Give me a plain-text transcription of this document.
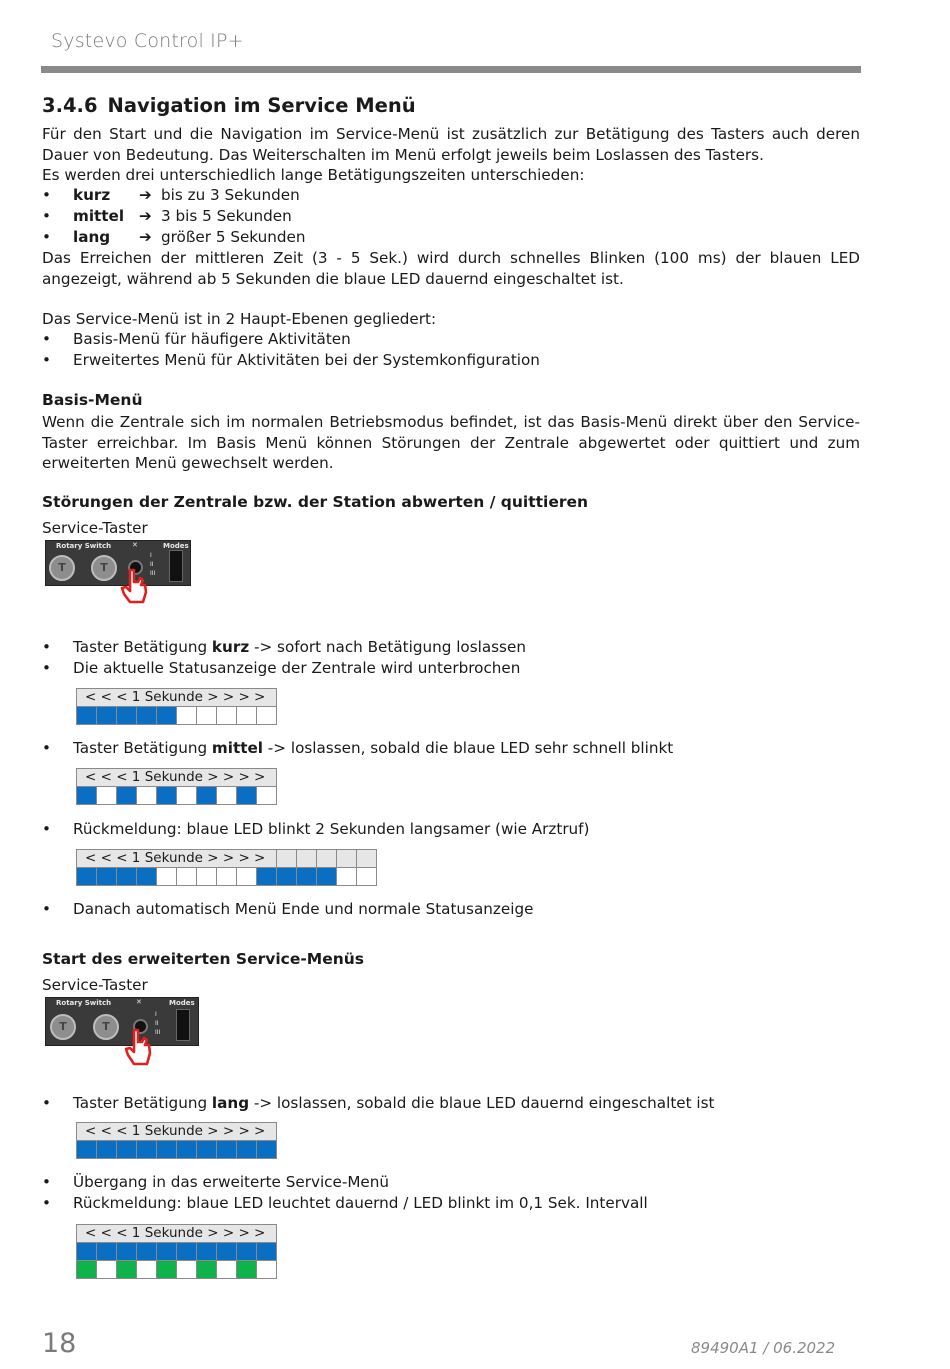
Systevo Control IP+
3.4.6 Navigation im Service Menü
Für den Start und die Navigation im Service-Menü ist zusätzlich zur Betätigung des Tasters auch deren Dauer von Bedeutung. Das Weiterschalten im Menü erfolgt jeweils beim Loslassen des Tasters.
Es werden drei unterschiedlich lange Betätigungszeiten unterschieden:
• kurz ➔ bis zu 3 Sekunden
• mittel ➔ 3 bis 5 Sekunden
• lang ➔ größer 5 Sekunden
Das Erreichen der mittleren Zeit (3 - 5 Sek.) wird durch schnelles Blinken (100 ms) der blauen LED angezeigt, während ab 5 Sekunden die blaue LED dauernd eingeschaltet ist.
Das Service-Menü ist in 2 Haupt-Ebenen gegliedert:
• Basis-Menü für häufigere Aktivitäten
• Erweitertes Menü für Aktivitäten bei der Systemkonfiguration
Basis-Menü
Wenn die Zentrale sich im normalen Betriebsmodus befindet, ist das Basis-Menü direkt über den Service-Taster erreichbar. Im Basis Menü können Störungen der Zentrale abgewertet oder quittiert und zum erweiterten Menü gewechselt werden.
Störungen der Zentrale bzw. der Station abwerten / quittieren
Service-Taster
Rotary Switch	Modes
✕
T
T
I
II
III
• Taster Betätigung kurz -> sofort nach Betätigung loslassen
• Die aktuelle Statusanzeige der Zentrale wird unterbrochen
< < < 1 Sekunde > > > >

• Taster Betätigung mittel -> loslassen, sobald die blaue LED sehr schnell blinkt
< < < 1 Sekunde > > > >

• Rückmeldung: blaue LED blinkt 2 Sekunden langsamer (wie Arztruf)
< < < 1 Sekunde > > > >														

• Danach automatisch Menü Ende und normale Statusanzeige
Start des erweiterten Service-Menüs
Service-Taster
Rotary Switch	Modes
✕
T
T
I
II
III
• Taster Betätigung lang -> loslassen, sobald die blaue LED dauernd eingeschaltet ist
< < < 1 Sekunde > > > >

• Übergang in das erweiterte Service-Menü
• Rückmeldung: blaue LED leuchtet dauernd / LED blinkt im 0,1 Sek. Intervall
< < < 1 Sekunde > > > >									

18	89490A1 / 06.2022
